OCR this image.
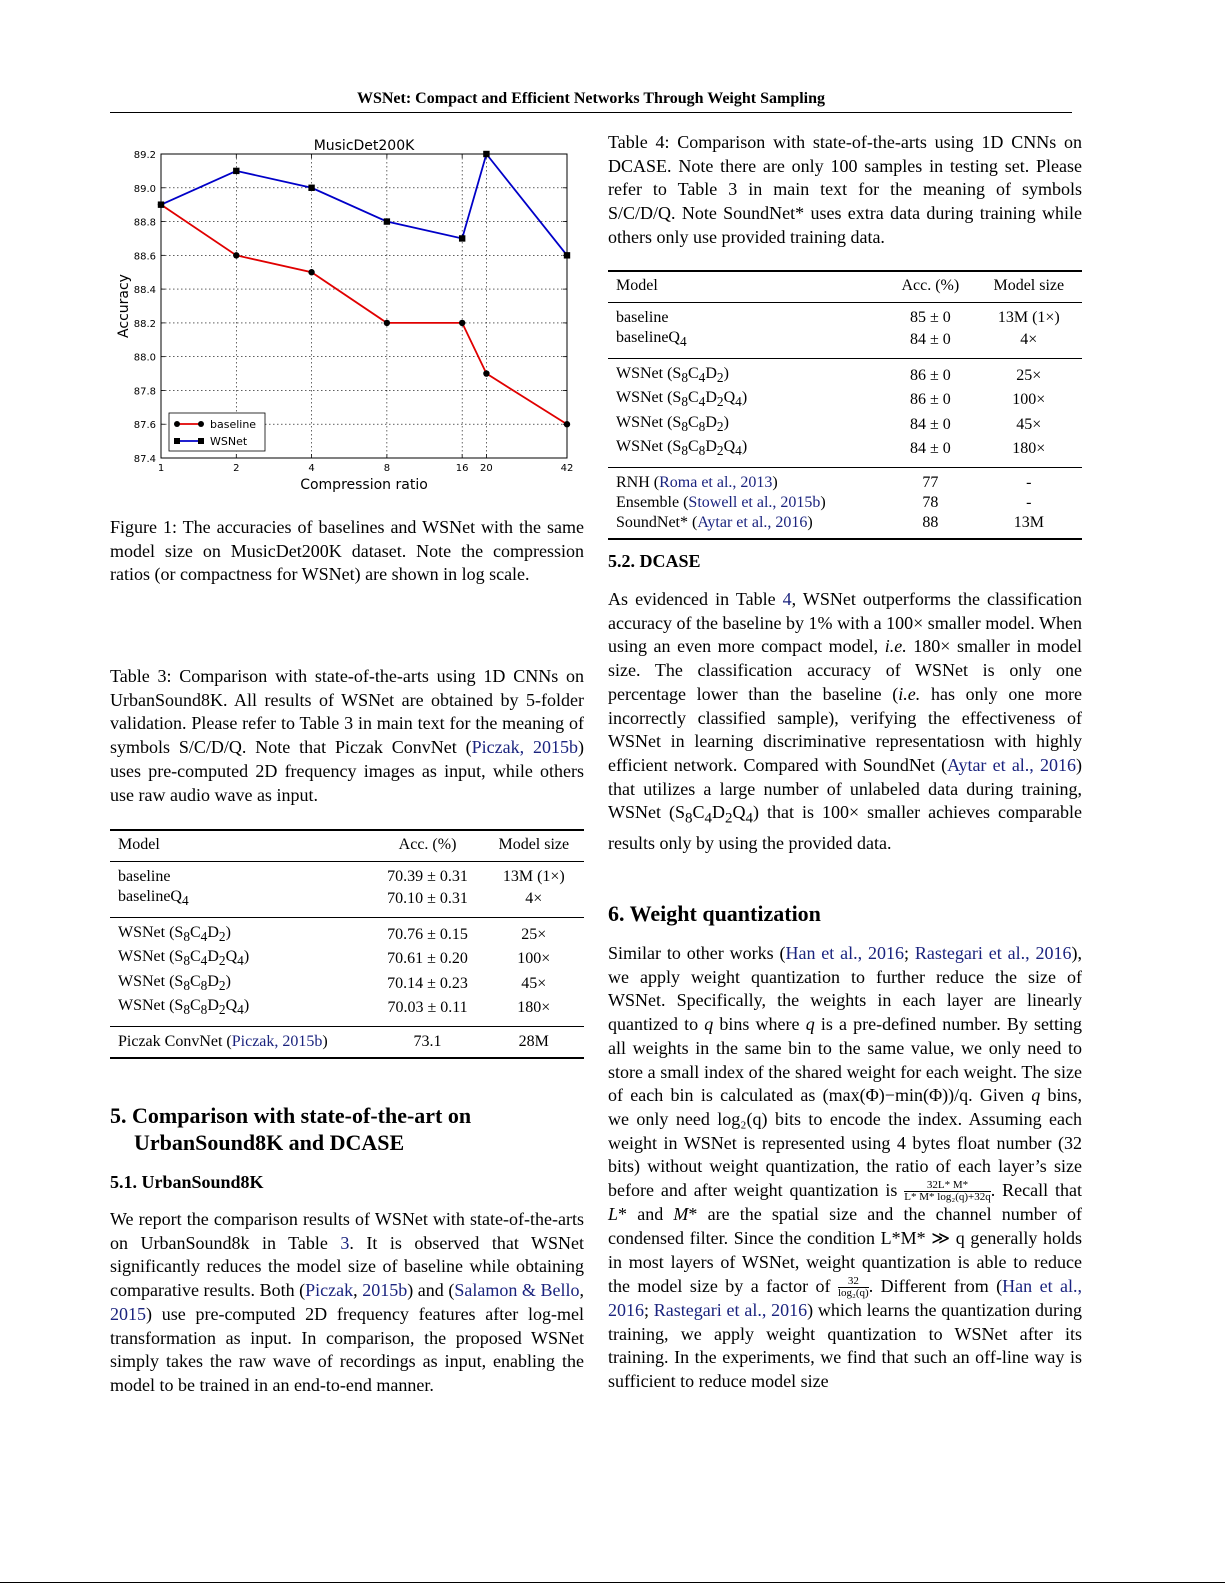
WSNet: Compact and Efficient Networks Through Weight Sampling
87.4
87.6
87.8
88.0
88.2
88.4
88.6
88.8
89.0
89.2
1	2	4	8	16 20	42
MusicDet200K
Compression ratio
Accuracy
baseline
WSNet

Figure 1: The accuracies of baselines and WSNet with the same model size on MusicDet200K dataset. Note the compression ratios (or compactness for WSNet) are shown in log scale.

Table 3: Comparison with state-of-the-arts using 1D CNNs on UrbanSound8K. All results of WSNet are obtained by 5-folder validation. Please refer to Table 3 in main text for the meaning of symbols S/C/D/Q. Note that Piczak ConvNet (Piczak, 2015b) uses pre-computed 2D frequency images as input, while others use raw audio wave as input.

Model	Acc. (%)	Model size
baseline	70.39 ± 0.31	13M (1×)
baselineQ$_4$	70.10 ± 0.31	4×
WSNet $(S_8C_4D_2)$	70.76 ± 0.15	25×
WSNet $(S_8C_4D_2Q_4)$	70.61 ± 0.20	100×
WSNet $(S_8C_8D_2)$	70.14 ± 0.23	45×
WSNet $(S_8C_8D_2Q_4)$	70.03 ± 0.11	180×
Piczak ConvNet (Piczak, 2015b)	73.1	28M
5. Comparison with state-of-the-art on
UrbanSound8K and DCASE
5.1. UrbanSound8K

We report the comparison results of WSNet with state-of-the-arts on UrbanSound8k in Table 3. It is observed that WSNet significantly reduces the model size of baseline while obtaining comparative results. Both (Piczak, 2015b) and (Salamon & Bello, 2015) use pre-computed 2D frequency features after log-mel transformation as input. In comparison, the proposed WSNet simply takes the raw wave of recordings as input, enabling the model to be trained in an end-to-end manner.

Table 4: Comparison with state-of-the-arts using 1D CNNs on DCASE. Note there are only 100 samples in testing set. Please refer to Table 3 in main text for the meaning of symbols S/C/D/Q. Note SoundNet* uses extra data during training while others only use provided training data.

Model	Acc. (%)	Model size
baseline	85 ± 0	13M (1×)
baselineQ$_4$	84 ± 0	4×
WSNet $(S_8C_4D_2)$	86 ± 0	25×
WSNet $(S_8C_4D_2Q_4)$	86 ± 0	100×
WSNet $(S_8C_8D_2)$	84 ± 0	45×
WSNet $(S_8C_8D_2Q_4)$	84 ± 0	180×
RNH (Roma et al., 2013)	77	-
Ensemble (Stowell et al., 2015b)	78	-
SoundNet* (Aytar et al., 2016)	88	13M
5.2. DCASE

As evidenced in Table 4, WSNet outperforms the classification accuracy of the baseline by 1% with a 100× smaller model. When using an even more compact model, i.e. 180× smaller in model size. The classification accuracy of WSNet is only one percentage lower than the baseline (i.e. has only one more incorrectly classified sample), verifying the effectiveness of WSNet in learning discriminative representatiosn with highly efficient network. Compared with SoundNet (Aytar et al., 2016) that utilizes a large number of unlabeled data during training, WSNet $(S_8C_4D_2Q_4)$ that is 100× smaller achieves comparable results only by using the provided data.

6. Weight quantization

Similar to other works (Han et al., 2016; Rastegari et al., 2016), we apply weight quantization to further reduce the size of WSNet. Specifically, the weights in each layer are linearly quantized to q bins where q is a pre-defined number. By setting all weights in the same bin to the same value, we only need to store a small index of the shared weight for each weight. The size of each bin is calculated as (max(Φ)−min(Φ))/q. Given q bins, we only need log₂(q) bits to encode the index. Assuming each weight in WSNet is represented using 4 bytes float number (32 bits) without weight quantization, the ratio of each layer’s size before and after weight quantization is $\frac{32L* M*}{\text{L* M* log₂(q)+32q}}$ . Recall that L* and M* are the spatial size and the channel number of condensed filter. Since the condition L*M* ≫ q generally holds in most layers of WSNet, weight quantization is able to reduce the model size by a factor of $\frac{32}{\text{log₂(q)}}$ . Different from (Han et al., 2016; Rastegari et al., 2016) which learns the quantization during training, we apply weight quantization to WSNet after its training. In the experiments, we find that such an off-line way is sufficient to reduce model size
